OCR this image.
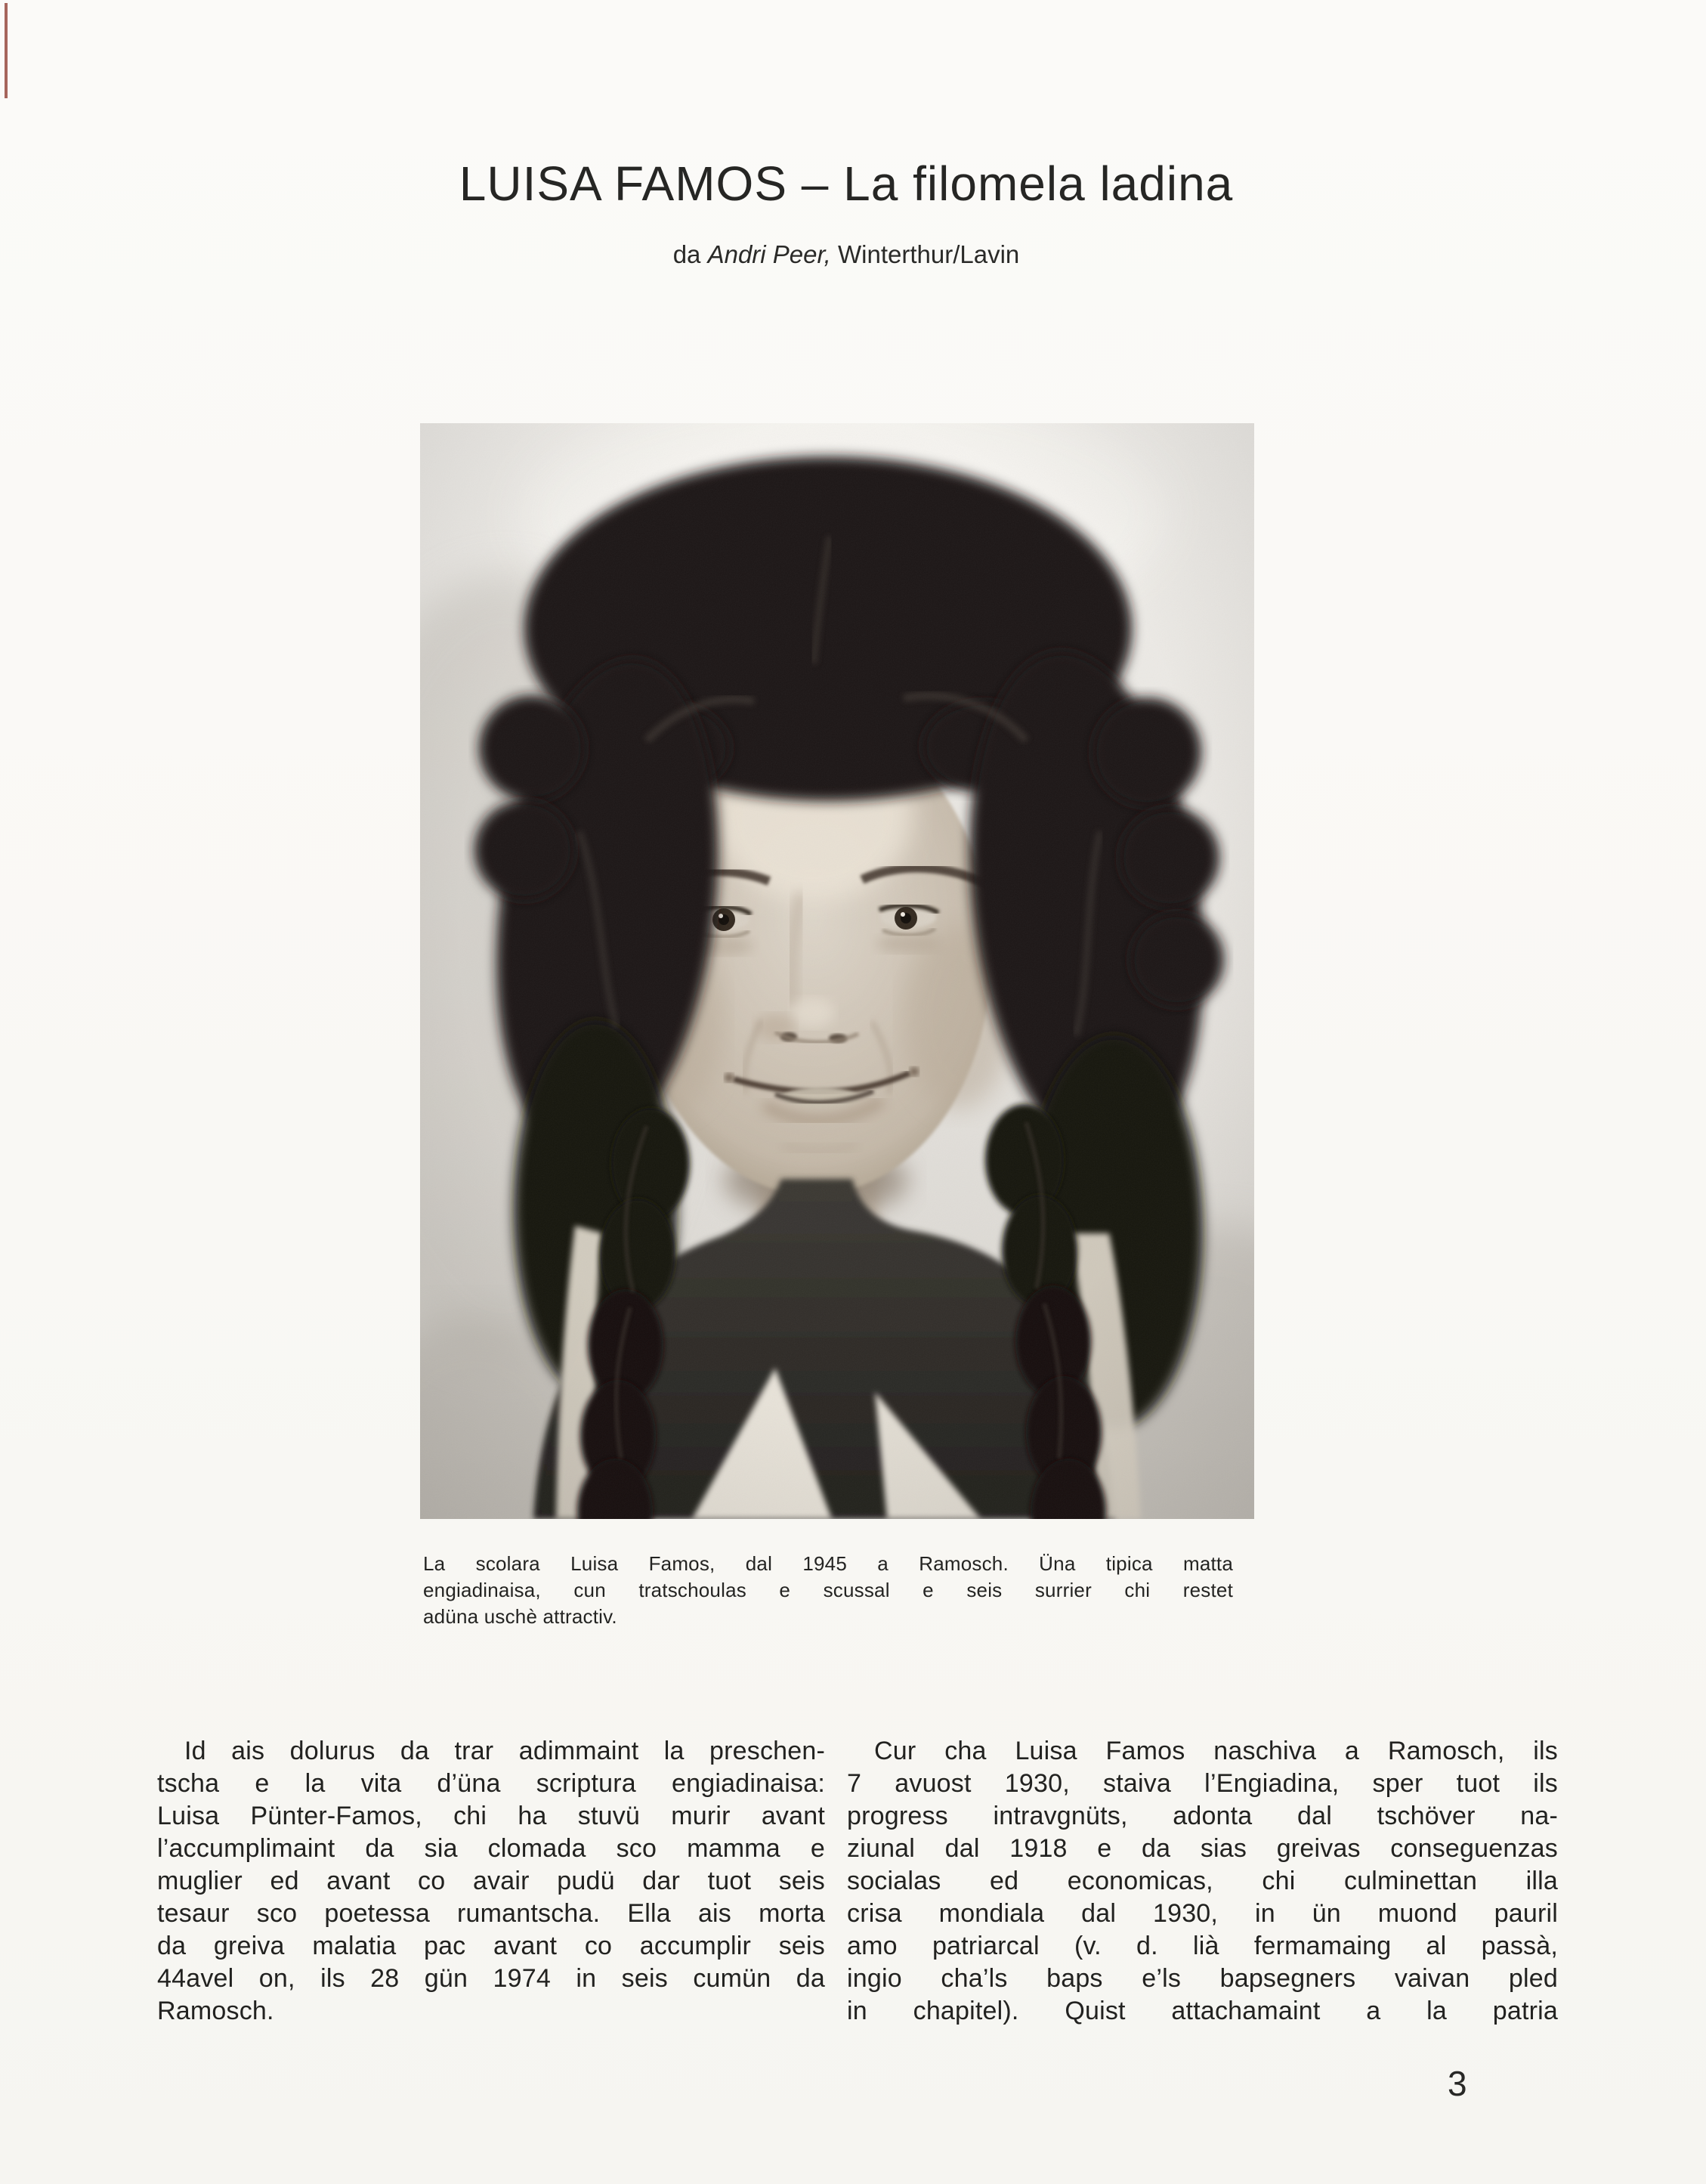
LUISA FAMOS – La filomela ladina
da Andri Peer, Winterthur/Lavin
La scolara Luisa Famos, dal 1945 a Ramosch. Üna tipica matta
engiadinaisa, cun tratschoulas e scussal e seis surrier chi restet
adüna uschè attractiv.
Id ais dolurus da trar adimmaint la preschen-
tscha e la vita d’üna scriptura engiadinaisa:
Luisa Pünter-Famos, chi ha stuvü murir avant
l’accumplimaint da sia clomada sco mamma e
muglier ed avant co avair pudü dar tuot seis
tesaur sco poetessa rumantscha. Ella ais morta
da greiva malatia pac avant co accumplir seis
44avel on, ils 28 gün 1974 in seis cumün da
Ramosch.
Cur cha Luisa Famos naschiva a Ramosch, ils
7 avuost 1930, staiva l’Engiadina, sper tuot ils
progress intravgnüts, adonta dal tschöver na-
ziunal dal 1918 e da sias greivas conseguenzas
socialas ed economicas, chi culminettan illa
crisa mondiala dal 1930, in ün muond pauril
amo patriarcal (v. d. lià fermamaing al passà,
ingio cha’ls baps e’ls bapsegners vaivan pled
in chapitel). Quist attachamaint a la patria
3
